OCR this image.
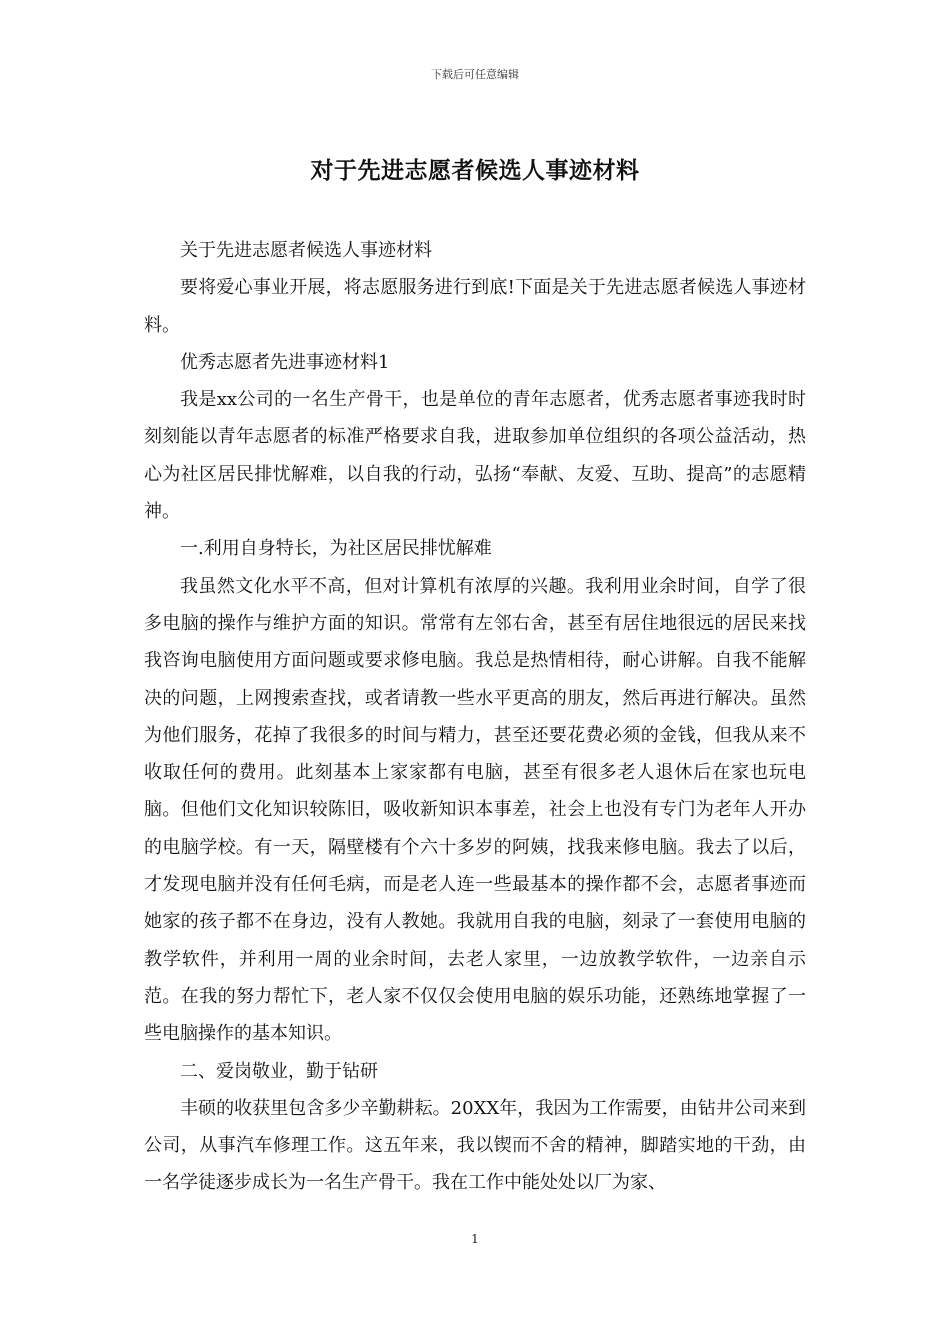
下载后可任意编辑
对于先进志愿者候选人事迹材料

关于先进志愿者候选人事迹材料

要将爱心事业开展，将志愿服务进行到底!下面是关于先进志愿者候选人事迹材料。

优秀志愿者先进事迹材料1

我是xx公司的一名生产骨干，也是单位的青年志愿者，优秀志愿者事迹我时时刻刻能以青年志愿者的标准严格要求自我，进取参加单位组织的各项公益活动，热心为社区居民排忧解难，以自我的行动，弘扬“奉献、友爱、互助、提高”的志愿精神。

一.利用自身特长，为社区居民排忧解难

我虽然文化水平不高，但对计算机有浓厚的兴趣。我利用业余时间，自学了很多电脑的操作与维护方面的知识。常常有左邻右舍，甚至有居住地很远的居民来找我咨询电脑使用方面问题或要求修电脑。我总是热情相待，耐心讲解。自我不能解决的问题，上网搜索查找，或者请教一些水平更高的朋友，然后再进行解决。虽然为他们服务，花掉了我很多的时间与精力，甚至还要花费必须的金钱，但我从来不收取任何的费用。此刻基本上家家都有电脑，甚至有很多老人退休后在家也玩电脑。但他们文化知识较陈旧，吸收新知识本事差，社会上也没有专门为老年人开办的电脑学校。有一天，隔壁楼有个六十多岁的阿姨，找我来修电脑。我去了以后，才发现电脑并没有任何毛病，而是老人连一些最基本的操作都不会，志愿者事迹而她家的孩子都不在身边，没有人教她。我就用自我的电脑，刻录了一套使用电脑的教学软件，并利用一周的业余时间，去老人家里，一边放教学软件，一边亲自示范。在我的努力帮忙下，老人家不仅仅会使用电脑的娱乐功能，还熟练地掌握了一些电脑操作的基本知识。

二、爱岗敬业，勤于钻研

丰硕的收获里包含多少辛勤耕耘。20XX年，我因为工作需要，由钻井公司来到公司，从事汽车修理工作。这五年来，我以锲而不舍的精神，脚踏实地的干劲，由一名学徒逐步成长为一名生产骨干。我在工作中能处处以厂为家、

1
